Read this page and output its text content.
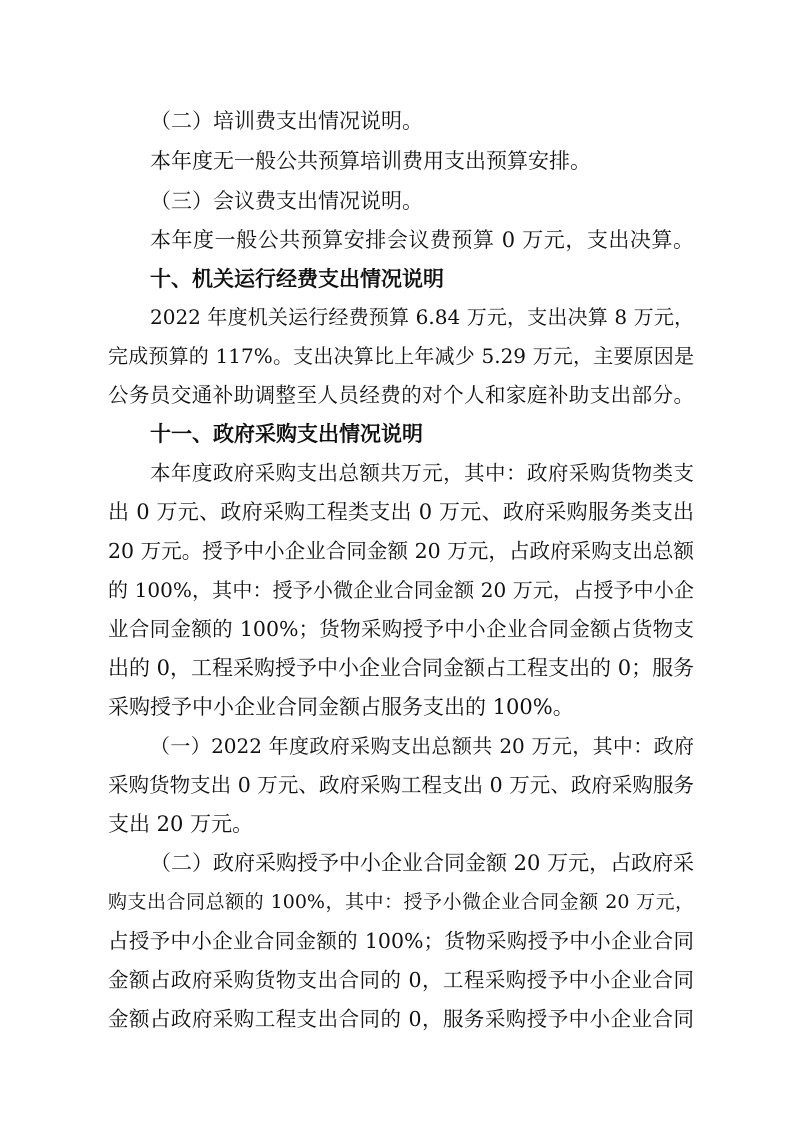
（二）培训费支出情况说明。
本年度无一般公共预算培训费用支出预算安排。
（三）会议费支出情况说明。
本年度一般公共预算安排会议费预算 0 万元，支出决算。
十、机关运行经费支出情况说明
2022 年度机关运行经费预算 6.84 万元，支出决算 8 万元，
完成预算的 117%。支出决算比上年减少 5.29 万元，主要原因是
公务员交通补助调整至人员经费的对个人和家庭补助支出部分。
十一、政府采购支出情况说明
本年度政府采购支出总额共万元，其中：政府采购货物类支
出 0 万元、政府采购工程类支出 0 万元、政府采购服务类支出
20 万元。授予中小企业合同金额 20 万元，占政府采购支出总额
的 100%，其中：授予小微企业合同金额 20 万元，占授予中小企
业合同金额的 100%；货物采购授予中小企业合同金额占货物支
出的 0，工程采购授予中小企业合同金额占工程支出的 0；服务
采购授予中小企业合同金额占服务支出的 100%。
（一）2022 年度政府采购支出总额共 20 万元，其中：政府
采购货物支出 0 万元、政府采购工程支出 0 万元、政府采购服务
支出 20 万元。
（二）政府采购授予中小企业合同金额 20 万元，占政府采
购支出合同总额的 100%，其中：授予小微企业合同金额 20 万元，
占授予中小企业合同金额的 100%；货物采购授予中小企业合同
金额占政府采购货物支出合同的 0，工程采购授予中小企业合同
金额占政府采购工程支出合同的 0，服务采购授予中小企业合同
